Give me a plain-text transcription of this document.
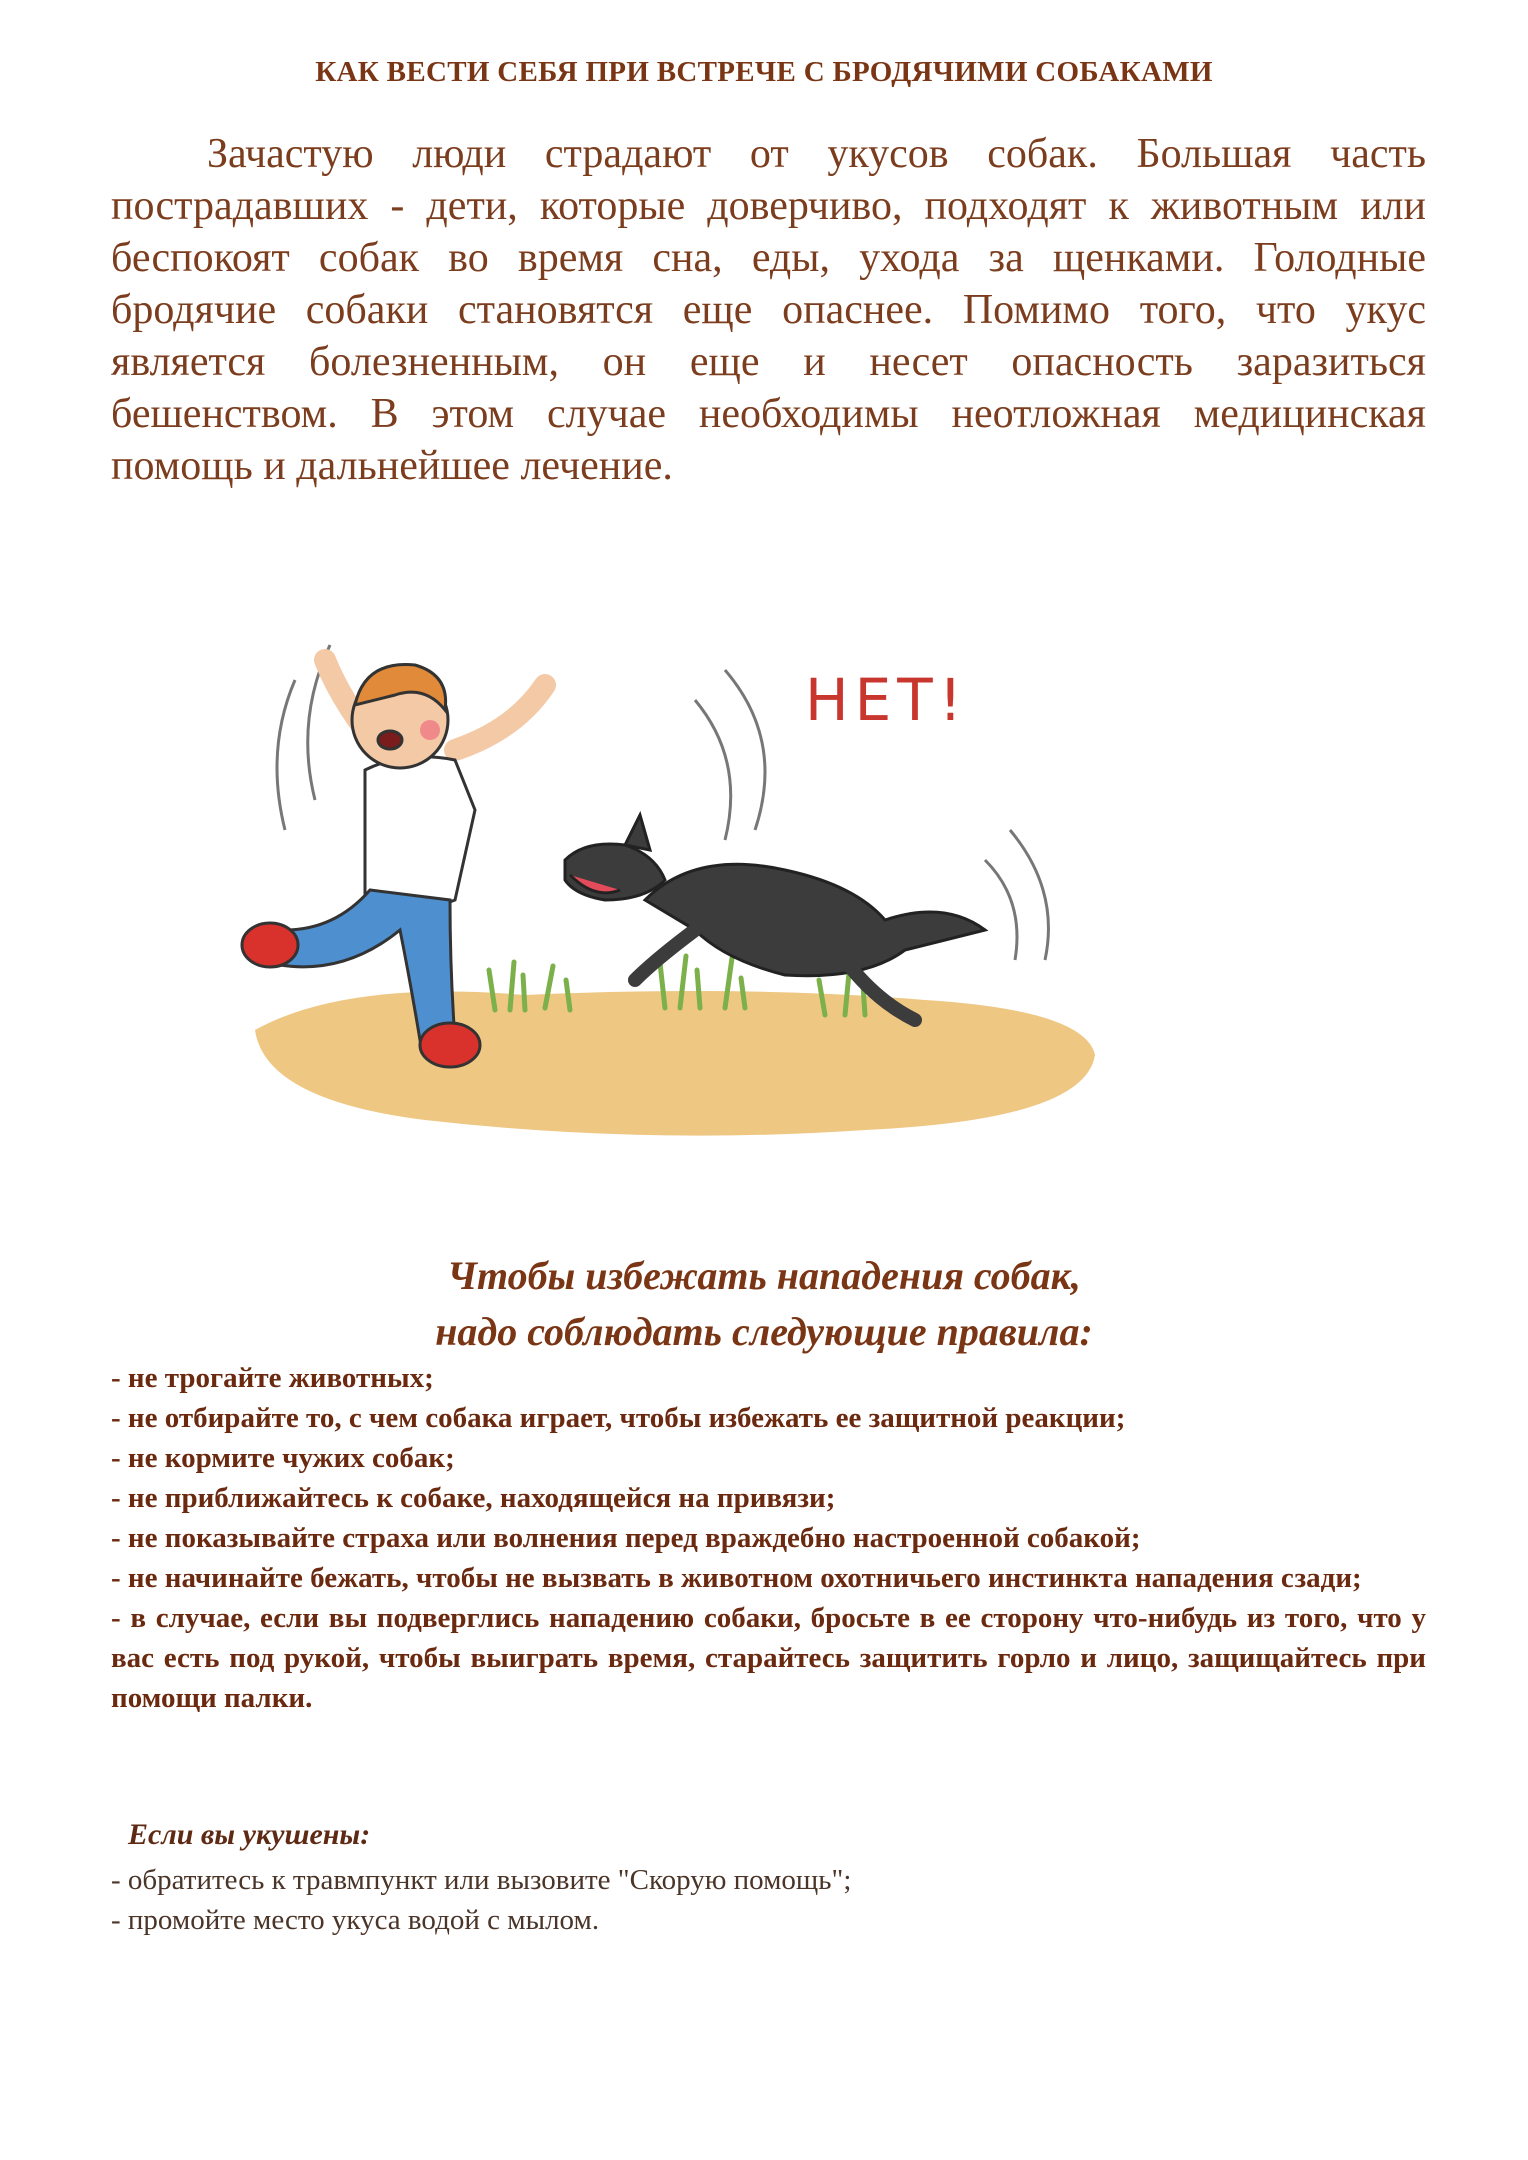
КАК ВЕСТИ СЕБЯ ПРИ ВСТРЕЧЕ С БРОДЯЧИМИ СОБАКАМИ
Зачастую люди страдают от укусов собак. Большая часть пострадавших - дети, которые доверчиво, подходят к животным или беспокоят собак во время сна, еды, ухода за щенками. Голодные бродячие собаки становятся еще опаснее. Помимо того, что укус является болезненным, он еще и несет опасность заразиться бешенством. В этом случае необходимы неотложная медицинская помощь и дальнейшее лечение.
НЕТ!
Чтобы избежать нападения собак,
надо соблюдать следующие правила:
- не трогайте животных;
- не отбирайте то, с чем собака играет, чтобы избежать ее защитной реакции;
- не кормите чужих собак;
- не приближайтесь к собаке, находящейся на привязи;
- не показывайте страха или волнения перед враждебно настроенной собакой;
- не начинайте бежать, чтобы не вызвать в животном охотничьего инстинкта нападения сзади;
- в случае, если вы подверглись нападению собаки, бросьте в ее сторону что-нибудь из того, что у вас есть под рукой, чтобы выиграть время, старайтесь защитить горло и лицо, защищайтесь при помощи палки.
Если вы укушены:
- обратитесь к травмпункт или вызовите "Скорую помощь";
- промойте место укуса водой с мылом.
